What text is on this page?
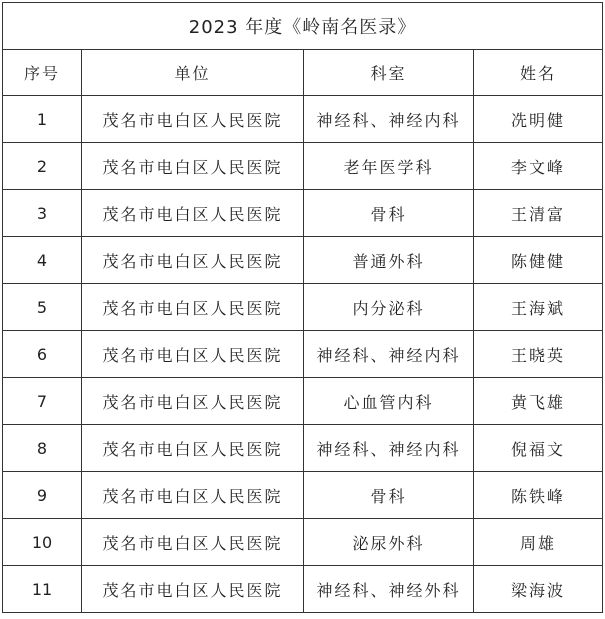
2023 年度《岭南名医录》			
序号	单位	科室	姓名
1	茂名市电白区人民医院	神经科、神经内科	冼明健
2	茂名市电白区人民医院	老年医学科	李文峰
3	茂名市电白区人民医院	骨科	王清富
4	茂名市电白区人民医院	普通外科	陈健健
5	茂名市电白区人民医院	内分泌科	王海斌
6	茂名市电白区人民医院	神经科、神经内科	王晓英
7	茂名市电白区人民医院	心血管内科	黄飞雄
8	茂名市电白区人民医院	神经科、神经内科	倪福文
9	茂名市电白区人民医院	骨科	陈铁峰
10	茂名市电白区人民医院	泌尿外科	周雄
11	茂名市电白区人民医院	神经科、神经外科	梁海波
